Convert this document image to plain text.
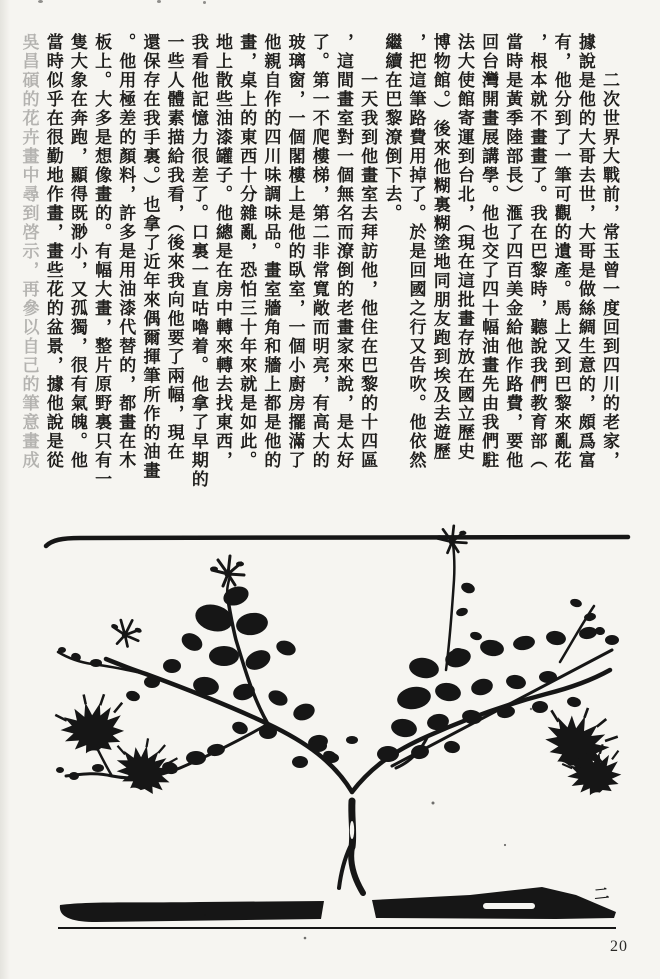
　　二次世界大戰前，常玉曾一度回到四川的老家，
據說是他的大哥去世，大哥是做絲綢生意的，頗爲富
有，他分到了一筆可觀的遺產。馬上又到巴黎來亂花
，根本就不畫畫了。我在巴黎時，聽說我們教育部（
當時是黃季陸部長）滙了四百美金給他作路費，要他
回台灣開畫展講學。他也交了四十幅油畫先由我們駐
法大使館寄運到台北，（現在這批畫存放在國立歷史
博物館。）後來他糊裏糊塗地同朋友跑到埃及去遊歷
，把這筆路費用掉了。於是回國之行又告吹。他依然
繼續在巴黎潦倒下去。
　　一天我到他畫室去拜訪他，他住在巴黎的十四區
，這間畫室對一個無名而潦倒的老畫家來說，是太好
了。第一不爬樓梯，第二非常寬敞而明亮，有高大的
玻璃窗，一個閣樓上是他的臥室，一個小廚房擺滿了
他親自作的四川味調味品。畫室牆角和牆上都是他的
畫，桌上的東西十分雜亂，恐怕三十年來就是如此。
地上散些油漆罐子。他總是在房中轉來轉去找東西，
我看他記憶力很差了。口裏一直咕嚕着。他拿了早期的
一些人體素描給我看，（後來我向他要了兩幅，現在
還保存在我手裏。）也拿了近年來偶爾揮筆所作的油畫
。他用極差的顏料，許多是用油漆代替的，都畫在木
板上。大多是想像畫的。有幅大畫，整片原野裏只有一
隻大象在奔跑，顯得既渺小，又孤獨，很有氣魄。他
當時似乎在很勤地作畫，畫些花的盆景，據他說是從
吳昌碩的花卉畫中尋到啓示，再參以自己的筆意畫成
二
20
